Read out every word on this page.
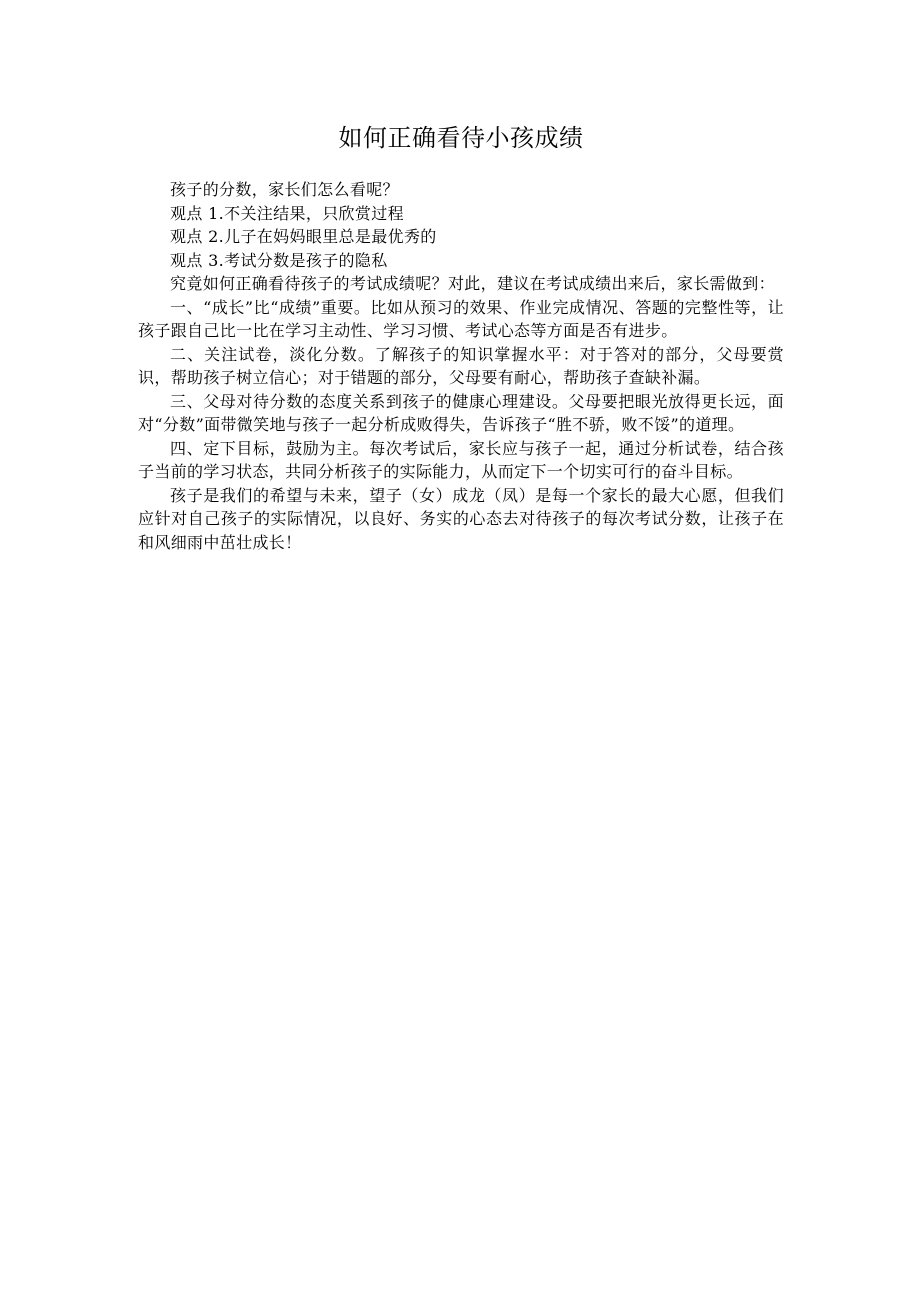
如何正确看待小孩成绩

孩子的分数，家长们怎么看呢？

观点 1.不关注结果，只欣赏过程

观点 2.儿子在妈妈眼里总是最优秀的

观点 3.考试分数是孩子的隐私

究竟如何正确看待孩子的考试成绩呢？对此，建议在考试成绩出来后，家长需做到：

一、“成长”比“成绩”重要。比如从预习的效果、作业完成情况、答题的完整性等，让孩子跟自己比一比在学习主动性、学习习惯、考试心态等方面是否有进步。

二、关注试卷，淡化分数。了解孩子的知识掌握水平：对于答对的部分，父母要赏识，帮助孩子树立信心；对于错题的部分，父母要有耐心，帮助孩子查缺补漏。

三、父母对待分数的态度关系到孩子的健康心理建设。父母要把眼光放得更长远，面对“分数”面带微笑地与孩子一起分析成败得失，告诉孩子“胜不骄，败不馁”的道理。

四、定下目标，鼓励为主。每次考试后，家长应与孩子一起，通过分析试卷，结合孩子当前的学习状态，共同分析孩子的实际能力，从而定下一个切实可行的奋斗目标。

孩子是我们的希望与未来，望子（女）成龙（凤）是每一个家长的最大心愿，但我们应针对自己孩子的实际情况，以良好、务实的心态去对待孩子的每次考试分数，让孩子在和风细雨中茁壮成长！
